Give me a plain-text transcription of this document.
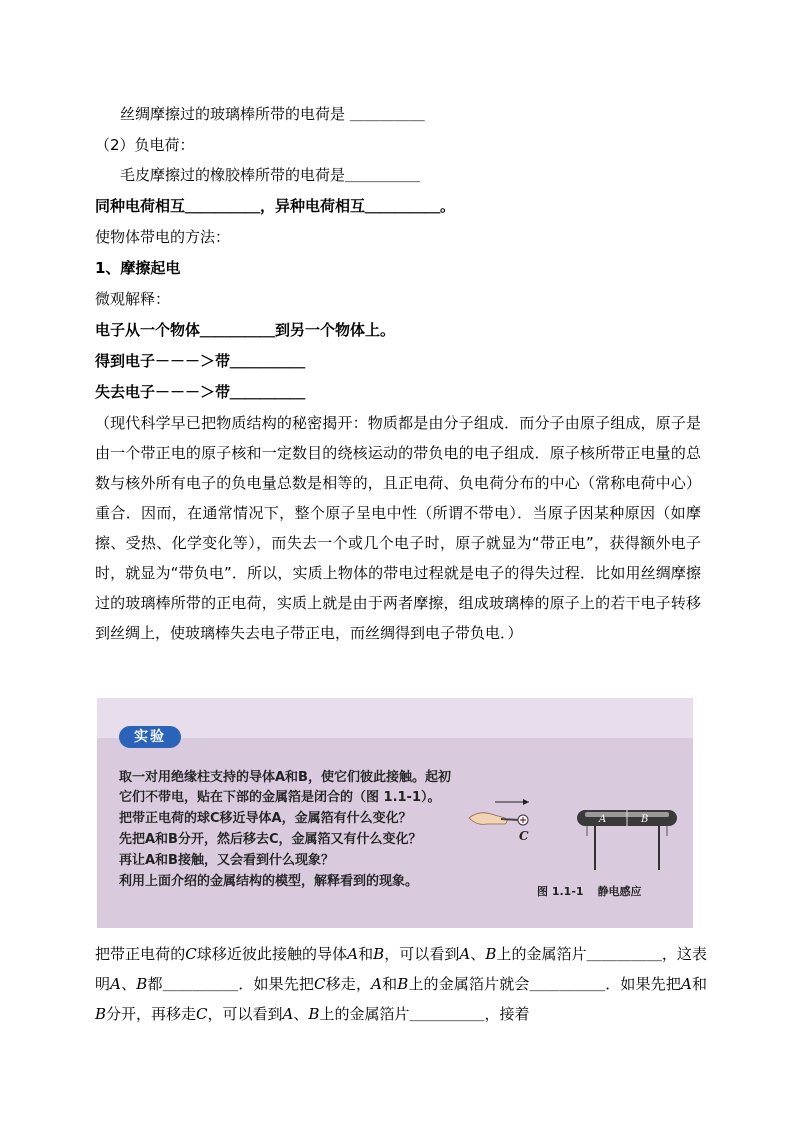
丝绸摩擦过的玻璃棒所带的电荷是 ＿＿＿＿＿
（2）负电荷：
毛皮摩擦过的橡胶棒所带的电荷是＿＿＿＿＿
同种电荷相互＿＿＿＿＿，异种电荷相互＿＿＿＿＿。
使物体带电的方法：
1、摩擦起电
微观解释：
电子从一个物体＿＿＿＿＿到另一个物体上。
得到电子－－－＞带＿＿＿＿＿
失去电子－－－＞带＿＿＿＿＿
（现代科学早已把物质结构的秘密揭开：物质都是由分子组成．而分子由原子组成，原子是由一个带正电的原子核和一定数目的绕核运动的带负电的电子组成．原子核所带正电量的总数与核外所有电子的负电量总数是相等的，且正电荷、负电荷分布的中心（常称电荷中心）重合．因而，在通常情况下，整个原子呈电中性（所谓不带电）．当原子因某种原因（如摩擦、受热、化学变化等），而失去一个或几个电子时，原子就显为“带正电”，获得额外电子时，就显为“带负电”．所以，实质上物体的带电过程就是电子的得失过程．比如用丝绸摩擦过的玻璃棒所带的正电荷，实质上就是由于两者摩擦，组成玻璃棒的原子上的若干电子转移到丝绸上，使玻璃棒失去电子带正电，而丝绸得到电子带负电．）
实验
取一对用绝缘柱支持的导体A和B，使它们彼此接触。起初
它们不带电，贴在下部的金属箔是闭合的（图 1.1-1）。
把带正电荷的球C移近导体A，金属箔有什么变化？
先把A和B分开，然后移去C，金属箔又有什么变化？
再让A和B接触，又会看到什么现象？
利用上面介绍的金属结构的模型，解释看到的现象。
C
A	B
图 1.1-1 静电感应
把带正电荷的C球移近彼此接触的导体A和B，可以看到A、B上的金属箔片＿＿＿＿＿，这表明A、B都＿＿＿＿＿．如果先把C移走，A和B上的金属箔片就会＿＿＿＿＿．如果先把A和B分开，再移走C，可以看到A、B上的金属箔片＿＿＿＿＿，接着
